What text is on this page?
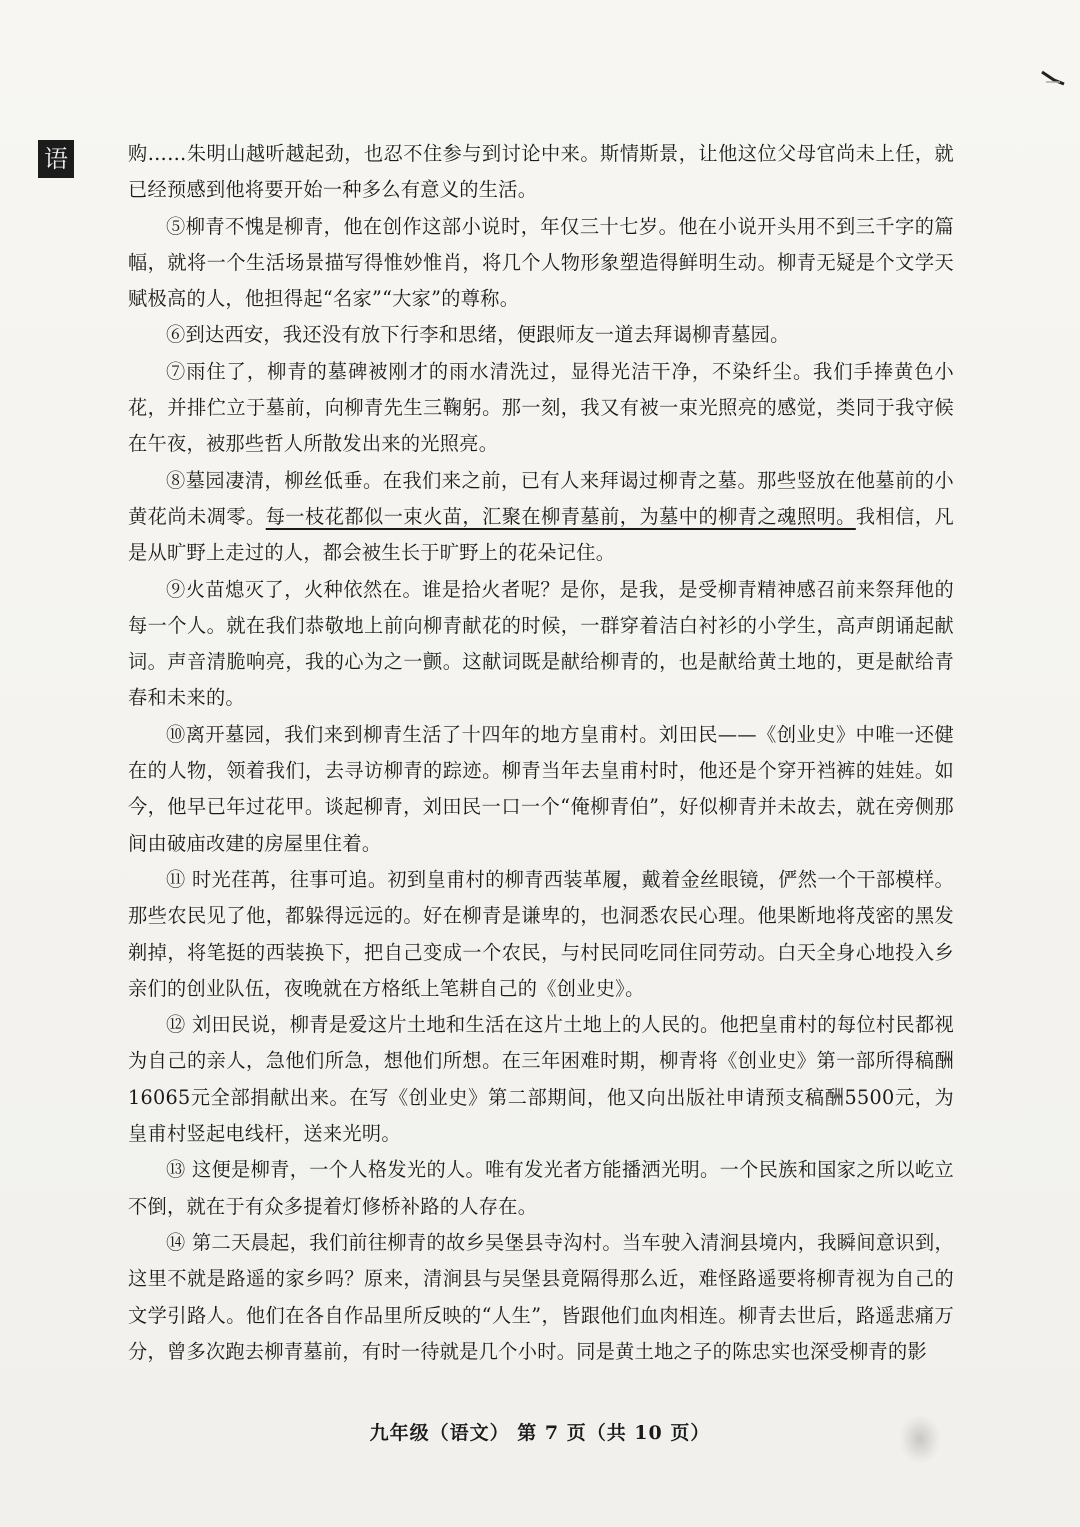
语	购……朱明山越听越起劲，也忍不住参与到讨论中来。斯情斯景，让他这位父母官尚未上任，就已经预感到他将要开始一种多么有意义的生活。

⑤柳青不愧是柳青，他在创作这部小说时，年仅三十七岁。他在小说开头用不到三千字的篇幅，就将一个生活场景描写得惟妙惟肖，将几个人物形象塑造得鲜明生动。柳青无疑是个文学天赋极高的人，他担得起“名家”“大家”的尊称。

⑥到达西安，我还没有放下行李和思绪，便跟师友一道去拜谒柳青墓园。

⑦雨住了，柳青的墓碑被刚才的雨水清洗过，显得光洁干净，不染纤尘。我们手捧黄色小花，并排伫立于墓前，向柳青先生三鞠躬。那一刻，我又有被一束光照亮的感觉，类同于我守候在午夜，被那些哲人所散发出来的光照亮。

⑧墓园凄清，柳丝低垂。在我们来之前，已有人来拜谒过柳青之墓。那些竖放在他墓前的小黄花尚未凋零。每一枝花都似一束火苗，汇聚在柳青墓前，为墓中的柳青之魂照明。我相信，凡是从旷野上走过的人，都会被生长于旷野上的花朵记住。

⑨火苗熄灭了，火种依然在。谁是拾火者呢？是你，是我，是受柳青精神感召前来祭拜他的每一个人。就在我们恭敬地上前向柳青献花的时候，一群穿着洁白衬衫的小学生，高声朗诵起献词。声音清脆响亮，我的心为之一颤。这献词既是献给柳青的，也是献给黄土地的，更是献给青春和未来的。

⑩离开墓园，我们来到柳青生活了十四年的地方皇甫村。刘田民——《创业史》中唯一还健在的人物，领着我们，去寻访柳青的踪迹。柳青当年去皇甫村时，他还是个穿开裆裤的娃娃。如今，他早已年过花甲。谈起柳青，刘田民一口一个“俺柳青伯”，好似柳青并未故去，就在旁侧那间由破庙改建的房屋里住着。

⑪ 时光荏苒，往事可追。初到皇甫村的柳青西装革履，戴着金丝眼镜，俨然一个干部模样。那些农民见了他，都躲得远远的。好在柳青是谦卑的，也洞悉农民心理。他果断地将茂密的黑发剃掉，将笔挺的西装换下，把自己变成一个农民，与村民同吃同住同劳动。白天全身心地投入乡亲们的创业队伍，夜晚就在方格纸上笔耕自己的《创业史》。

⑫ 刘田民说，柳青是爱这片土地和生活在这片土地上的人民的。他把皇甫村的每位村民都视为自己的亲人，急他们所急，想他们所想。在三年困难时期，柳青将《创业史》第一部所得稿酬16065元全部捐献出来。在写《创业史》第二部期间，他又向出版社申请预支稿酬5500元，为皇甫村竖起电线杆，送来光明。

⑬ 这便是柳青，一个人格发光的人。唯有发光者方能播洒光明。一个民族和国家之所以屹立不倒，就在于有众多提着灯修桥补路的人存在。

⑭ 第二天晨起，我们前往柳青的故乡吴堡县寺沟村。当车驶入清涧县境内，我瞬间意识到，这里不就是路遥的家乡吗？原来，清涧县与吴堡县竟隔得那么近，难怪路遥要将柳青视为自己的文学引路人。他们在各自作品里所反映的“人生”，皆跟他们血肉相连。柳青去世后，路遥悲痛万分，曾多次跑去柳青墓前，有时一待就是几个小时。同是黄土地之子的陈忠实也深受柳青的影

九年级（语文） 第 7 页（共 10 页）
